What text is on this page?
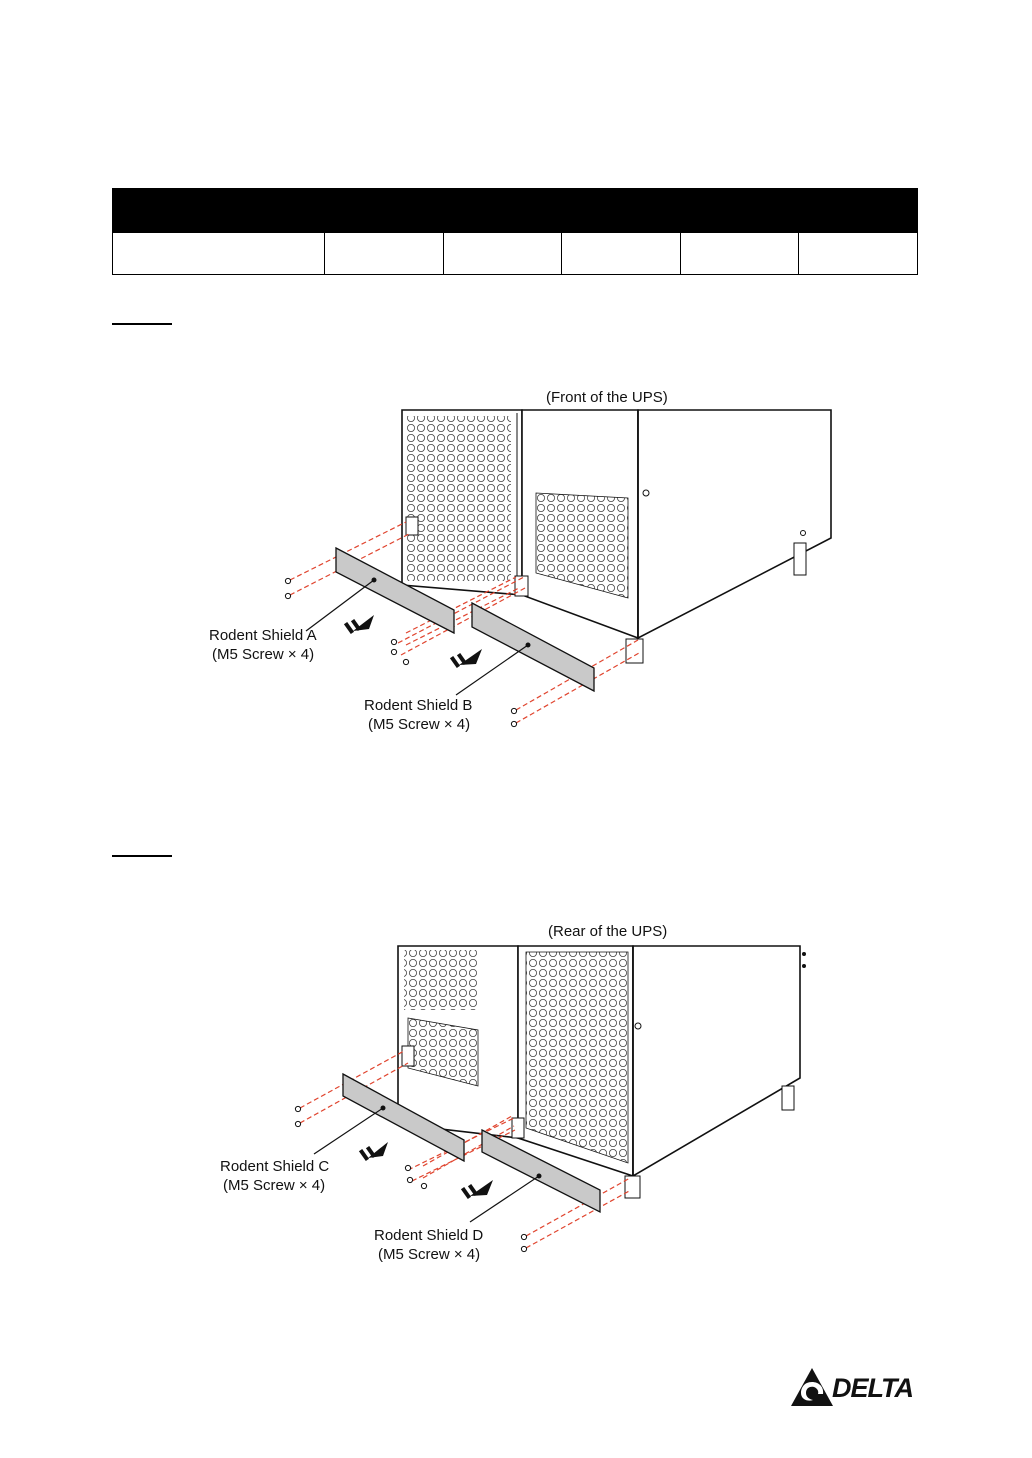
(Front of the UPS)
Rodent Shield A
(M5 Screw × 4)
Rodent Shield B
(M5 Screw × 4)
(Rear of the UPS)
Rodent Shield C
(M5 Screw × 4)
Rodent Shield D
(M5 Screw × 4)
DELTA
